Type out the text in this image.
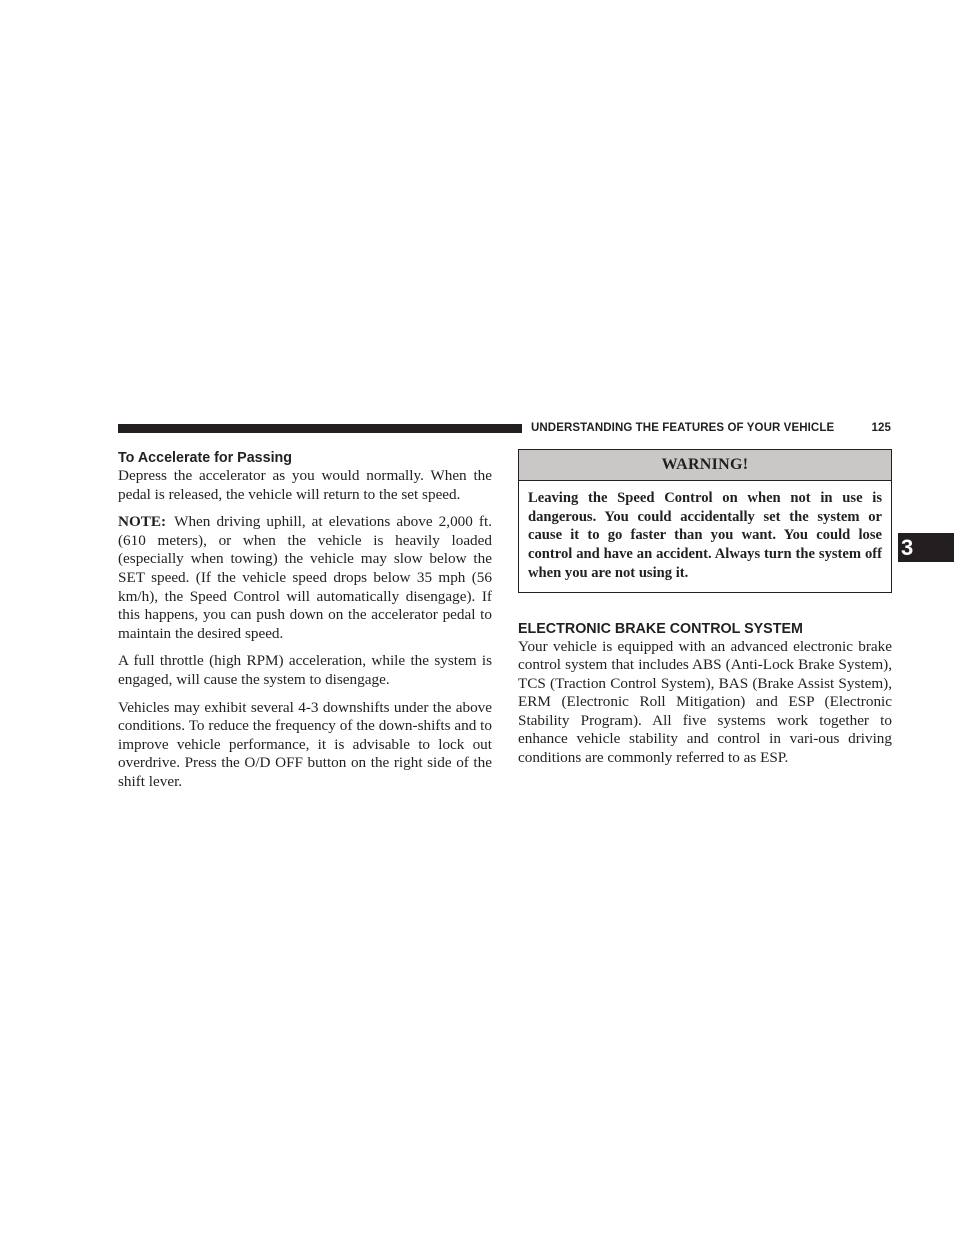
UNDERSTANDING THE FEATURES OF YOUR VEHICLE	125
3
To Accelerate for Passing

Depress the accelerator as you would normally. When the pedal is released, the vehicle will return to the set speed.

NOTE: When driving uphill, at elevations above 2,000 ft. (610 meters), or when the vehicle is heavily loaded (especially when towing) the vehicle may slow below the SET speed. (If the vehicle speed drops below 35 mph (56 km/h), the Speed Control will automatically disengage). If this happens, you can push down on the accelerator pedal to maintain the desired speed.

A full throttle (high RPM) acceleration, while the system is engaged, will cause the system to disengage.

Vehicles may exhibit several 4-3 downshifts under the above conditions. To reduce the frequency of the down-shifts and to improve vehicle performance, it is advisable to lock out overdrive. Press the O/D OFF button on the right side of the shift lever.

WARNING!
Leaving the Speed Control on when not in use is dangerous. You could accidentally set the system or cause it to go faster than you want. You could lose control and have an accident. Always turn the system off when you are not using it.
ELECTRONIC BRAKE CONTROL SYSTEM

Your vehicle is equipped with an advanced electronic brake control system that includes ABS (Anti-Lock Brake System), TCS (Traction Control System), BAS (Brake Assist System), ERM (Electronic Roll Mitigation) and ESP (Electronic Stability Program). All five systems work together to enhance vehicle stability and control in vari-ous driving conditions are commonly referred to as ESP.
